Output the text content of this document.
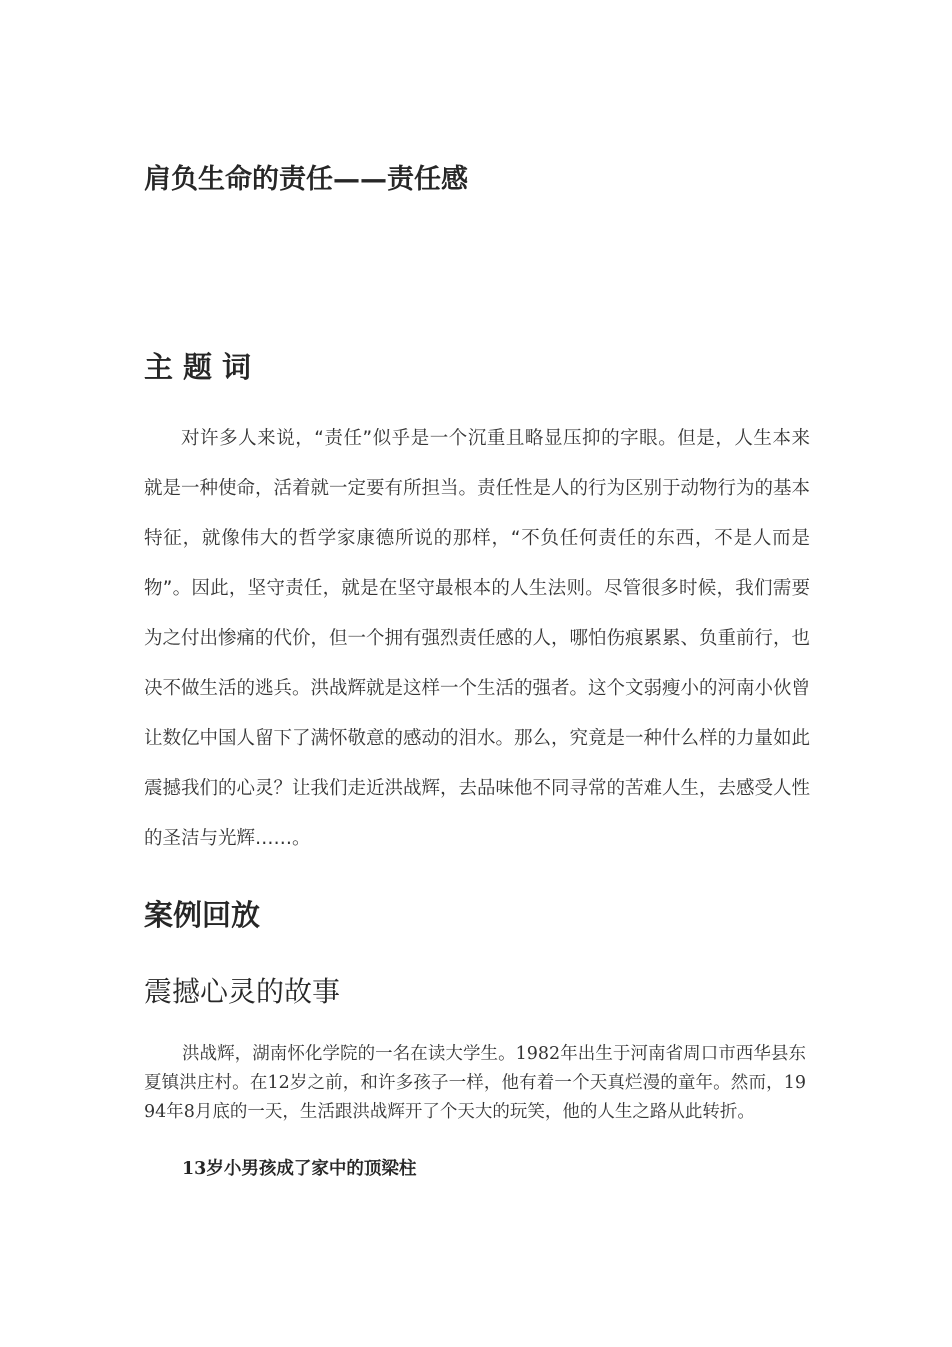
肩负生命的责任——责任感
主题词

对许多人来说，“责任”似乎是一个沉重且略显压抑的字眼。但是，人生本来就是一种使命，活着就一定要有所担当。责任性是人的行为区别于动物行为的基本特征，就像伟大的哲学家康德所说的那样，“不负任何责任的东西，不是人而是物”。因此，坚守责任，就是在坚守最根本的人生法则。尽管很多时候，我们需要为之付出惨痛的代价，但一个拥有强烈责任感的人，哪怕伤痕累累、负重前行，也决不做生活的逃兵。洪战辉就是这样一个生活的强者。这个文弱瘦小的河南小伙曾让数亿中国人留下了满怀敬意的感动的泪水。那么，究竟是一种什么样的力量如此震撼我们的心灵？让我们走近洪战辉，去品味他不同寻常的苦难人生，去感受人性的圣洁与光辉……。

案例回放
震撼心灵的故事

洪战辉，湖南怀化学院的一名在读大学生。1982年出生于河南省周口市西华县东夏镇洪庄村。在12岁之前，和许多孩子一样，他有着一个天真烂漫的童年。然而，1994年8月底的一天，生活跟洪战辉开了个天大的玩笑，他的人生之路从此转折。

13岁小男孩成了家中的顶梁柱
